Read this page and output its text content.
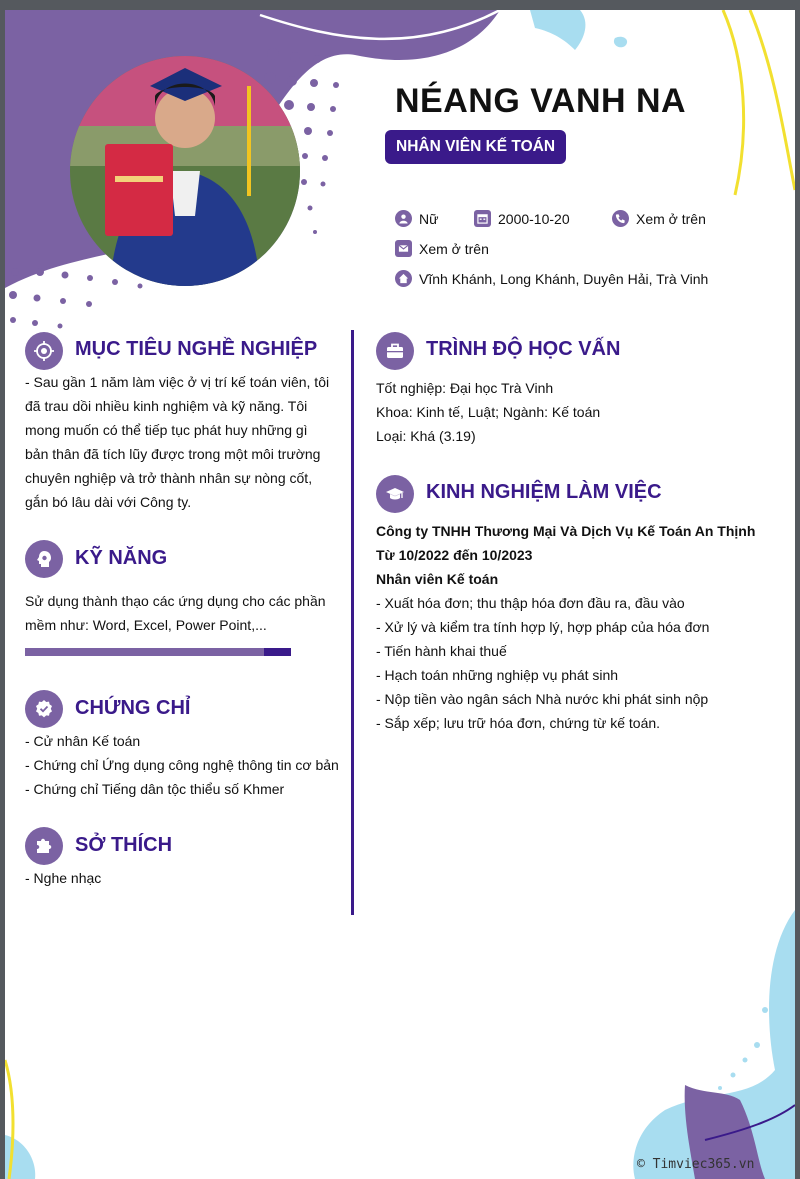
NÉANG VANH NA
NHÂN VIÊN KẾ TOÁN
Nữ	2000-10-20	Xem ở trên
Xem ở trên
Vĩnh Khánh, Long Khánh, Duyên Hải, Trà Vinh
MỤC TIÊU NGHỀ NGHIỆP
- Sau gần 1 năm làm việc ở vị trí kế toán viên, tôi
đã trau dồi nhiều kinh nghiệm và kỹ năng. Tôi
mong muốn có thể tiếp tục phát huy những gì
bản thân đã tích lũy được trong một môi trường
chuyên nghiệp và trở thành nhân sự nòng cốt,
gắn bó lâu dài với Công ty.
KỸ NĂNG
Sử dụng thành thạo các ứng dụng cho các phần
mềm như: Word, Excel, Power Point,...
CHỨNG CHỈ
- Cử nhân Kế toán
- Chứng chỉ Ứng dụng công nghệ thông tin cơ bản
- Chứng chỉ Tiếng dân tộc thiểu số Khmer
SỞ THÍCH
- Nghe nhạc
TRÌNH ĐỘ HỌC VẤN
Tốt nghiệp: Đại học Trà Vinh
Khoa: Kinh tế, Luật; Ngành: Kế toán
Loại: Khá (3.19)
KINH NGHIỆM LÀM VIỆC
Công ty TNHH Thương Mại Và Dịch Vụ Kế Toán An Thịnh
Từ 10/2022 đến 10/2023
Nhân viên Kế toán
- Xuất hóa đơn; thu thập hóa đơn đầu ra, đầu vào
- Xử lý và kiểm tra tính hợp lý, hợp pháp của hóa đơn
- Tiến hành khai thuế
- Hạch toán những nghiệp vụ phát sinh
- Nộp tiền vào ngân sách Nhà nước khi phát sinh nộp
- Sắp xếp; lưu trữ hóa đơn, chứng từ kế toán.
© Timviec365.vn
